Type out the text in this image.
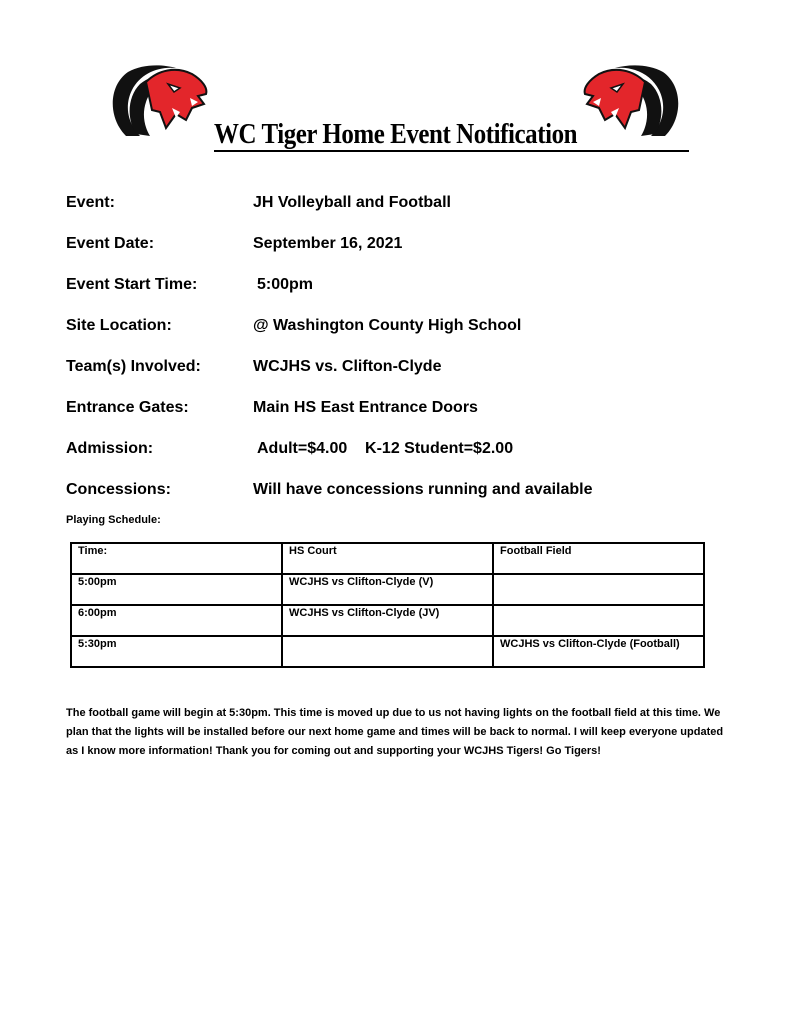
WC Tiger Home Event Notification
Event:	JH Volleyball and Football
Event Date:	September 16, 2021
Event Start Time:	5:00pm
Site Location:	@ Washington County High School
Team(s) Involved:	WCJHS vs. Clifton-Clyde
Entrance Gates:	Main HS East Entrance Doors
Admission:	Adult=$4.00    K-12 Student=$2.00
Concessions:	Will have concessions running and available
Playing Schedule:
Time:	HS Court	Football Field
5:00pm	WCJHS vs Clifton-Clyde (V)	
6:00pm	WCJHS vs Clifton-Clyde (JV)	
5:30pm		WCJHS vs Clifton-Clyde (Football)
The football game will begin at 5:30pm. This time is moved up due to us not having lights on the football field at this time. We plan that the lights will be installed before our next home game and times will be back to normal. I will keep everyone updated as I know more information! Thank you for coming out and supporting your WCJHS Tigers! Go Tigers!
